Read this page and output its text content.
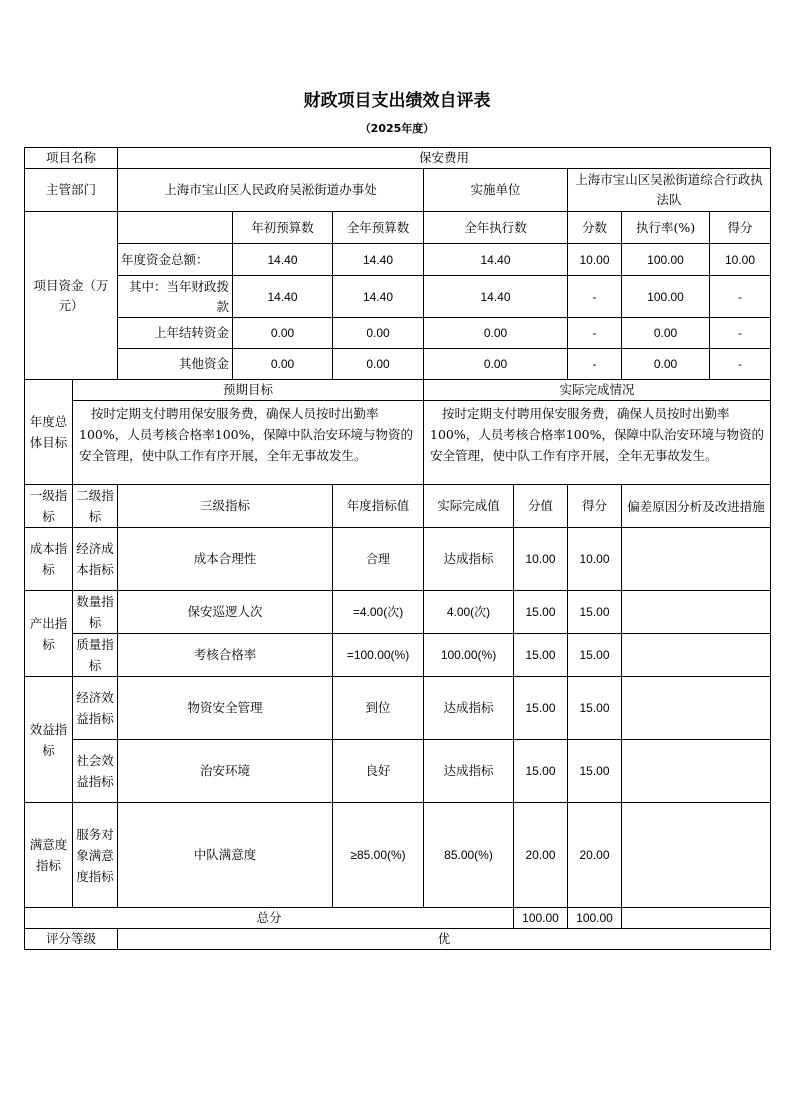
财政项目支出绩效自评表
（2025年度）
项目名称		保安费用							
主管部门		上海市宝山区人民政府吴淞街道办事处			实施单位		上海市宝山区吴淞街道综合行政执法队		
项目资金（万元）			年初预算数	全年预算数	全年执行数		分数	执行率(%)	得分
		年度资金总额：	14.40	14.40	14.40		10.00	100.00	10.00
		其中：当年财政拨款	14.40	14.40	14.40		-	100.00	-
		上年结转资金	0.00	0.00	0.00		-	0.00	-
		其他资金	0.00	0.00	0.00		-	0.00	-
年度总体目标	预期目标				实际完成情况				
	按时定期支付聘用保安服务费，确保人员按时出勤率100%，人员考核合格率100%，保障中队治安环境与物资的安全管理，使中队工作有序开展，全年无事故发生。				按时定期支付聘用保安服务费，确保人员按时出勤率100%，人员考核合格率100%，保障中队治安环境与物资的安全管理，使中队工作有序开展，全年无事故发生。				
一级指标	二级指标	三级指标		年度指标值	实际完成值	分值	得分	偏差原因分析及改进措施	
成本指标	经济成本指标	成本合理性		合理	达成指标	10.00	10.00		
产出指标	数量指标	保安巡逻人次		=4.00(次)	4.00(次)	15.00	15.00		
	质量指标	考核合格率		=100.00(%)	100.00(%)	15.00	15.00		
效益指标	经济效益指标	物资安全管理		到位	达成指标	15.00	15.00		
	社会效益指标	治安环境		良好	达成指标	15.00	15.00		
满意度指标	服务对象满意度指标	中队满意度		≥85.00(%)	85.00(%)	20.00	20.00		
总分						100.00	100.00		
评分等级		优							
